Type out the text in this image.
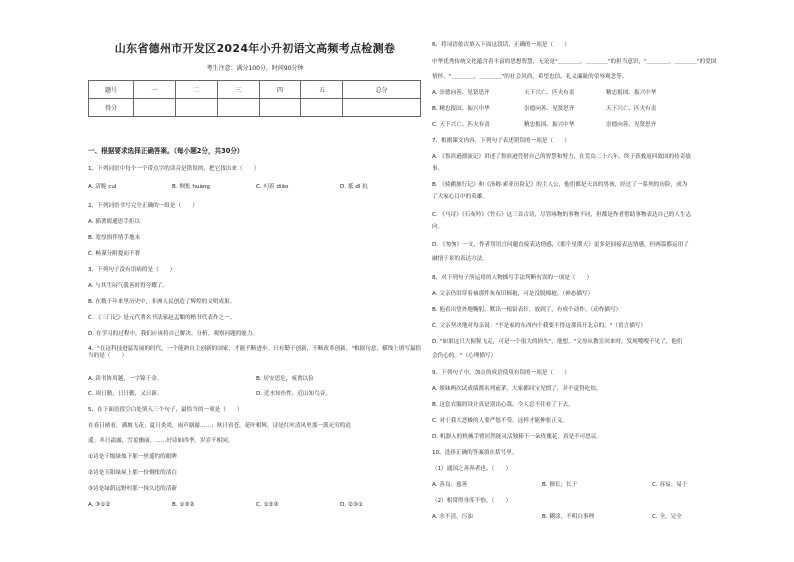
山东省德州市开发区2024年小升初语文高频考点检测卷
考生注意：满分100分，时间90分钟
题号	一	二	三	四	五	总分
得分						
一、根据要求选择正确答案。（每小题2分，共30分）
1、下列词语中每个一个带点字的读音是错误的，把它找出来（　　）
A. 清脆 cuì	B. 惆怅 huàng	C. 叼着 diāo	D. 抵 dǐ 抗
2、下列词语书写完全正确的一组是（　　）
A. 插著娱遁思手拒以
B. 宽厚损伴情手地未
C. 畅谨分附提而不奢
3、下列句子没有语病的是（　　）
A. 与其生闷气我善时得夸耀了。
B. 在数千年来里历史中，非洲人民创造了辉煌的文明成果。
C. 《三门记》是元代著名书法家赵孟頫的楷书代表作之一。
D. 在学习的过程中，我们应该将自己解决、分析、观察问题的能力。
4、"在这科技进猛发展的时代，一个能熟自主创新的国家，才能不断进步。只有勤于创新，不断改革创新，"根据句意，横线上填写最恰当的是（　　）
A. 读书协用越，一字锦千金。	B. 居安思危，戒奢以俭
C. 周日勤，日日勤，又日新。	D. 近水知鱼性，近山知鸟音。
5、在下面语段空白处填入三个句子，最恰当的一项是（　　）
在春日晴看，满坡飞花；夏日炎炎，雨声潺潺……；秋日看苍，花叶相辉，诗是红叶清风里那一派无穷的逍
遥；冬日霜露，雪羞幽丽，……好诗如四季，岁岁不相同。
①诗是千级绿烛下那一丝遥约的眼眸
②诗是玉阳绿屋上那一份惆怅的清白
③诗是绿荫远野村那一抹久违的清新
A. ③①②	B. ①③②	C. ①②③	D. ②③①
6、将词语依次填入下面这段话，正确的一项是（　　）
中华优秀传统文化蕴含着丰富的思想智慧，无论是"＿＿＿＿，＿＿＿＿"的担当意识，"＿＿＿＿，＿＿＿＿"的爱国
情怀，"＿＿＿＿，＿＿＿＿"的社会风尚，希望忠信、礼义廉耻的荣辱观念等。
A. 崇德向善、见贤思齐	天下兴亡、匹夫有责	精忠报国、振兴中华
B. 精忠报国、振兴中华	崇德向善、见贤思齐	天下兴亡、匹夫有责
C. 天下兴亡、匹夫有责	精忠报国、振兴中华	崇德向善、见贤思齐
7、根据课文内容，下列句子表述错误的一项是（　　）
A. 《鲁滨逊漂流记》讲述了鲁滨逊凭借自己的智慧和努力，在荒岛二十八年，终于获救返回故国的传奇故
事。
B. 《骑鹅旅行记》和《汤姆·索亚历险记》的主人公，他们都是天真的男孩，经过了一系列的历险，成为
了大家心目中的英雄。
C. 《马诗》《石灰吟》《竹石》这三首古诗，尽管咏物的事物不同，但都是作者借助事物表达自己的人生志
向。
D. 《匆匆》一文，作者用语言问题直接表达情感，《那个星期天》更多是间接表达情感，但两篇都运用了
融情于景的表达方法。
8、对下列句子所运用的人物描写手法判断有误的一项是（　　）
A. 父亲仍旧穿着袖那件灰布旧棉袍，可是没脱棉袍。（神态描写）
B. 他看出望外地鞠躬，默出一根铅表针，放到了，有成个动作。（动作描写）
C. 父亲坚决地对母亲说："不是家的东西内个我要不得这那真开北京的。"（语言描写）
D. "如果这只大猩猩飞走，可是一个很大的损失"，他想，"父母从教室回来时，发现嗖嗖不见了，他们
会伤心的。"（心理描写）
9、下列句子中，加点的成语使用有误的一项是（　　）
A. 姐妹两次试成绩都名列前茅，大家都同宝见惯了，并不觉得吃惊。
B. 这套衣服的设计真是别出心裁，令人忍不住看了下去。
C. 对于我大恶极的人要严惩不贷，这样才能伸张正义。
D. 机器人的机械手臂居然能灵活独捧下一朵玫瑰花，真是不可思议。
10、选择正确的答案填在括号里。
（1）通国之善奔者也。（　　）
A. 善良；慈善	B. 擅长；长于	C. 容易；易于
（2）相常得身浑不怡。（　　）
A. 水不清，污浊	B. 糊涂，不明白事理	C. 全，完全
